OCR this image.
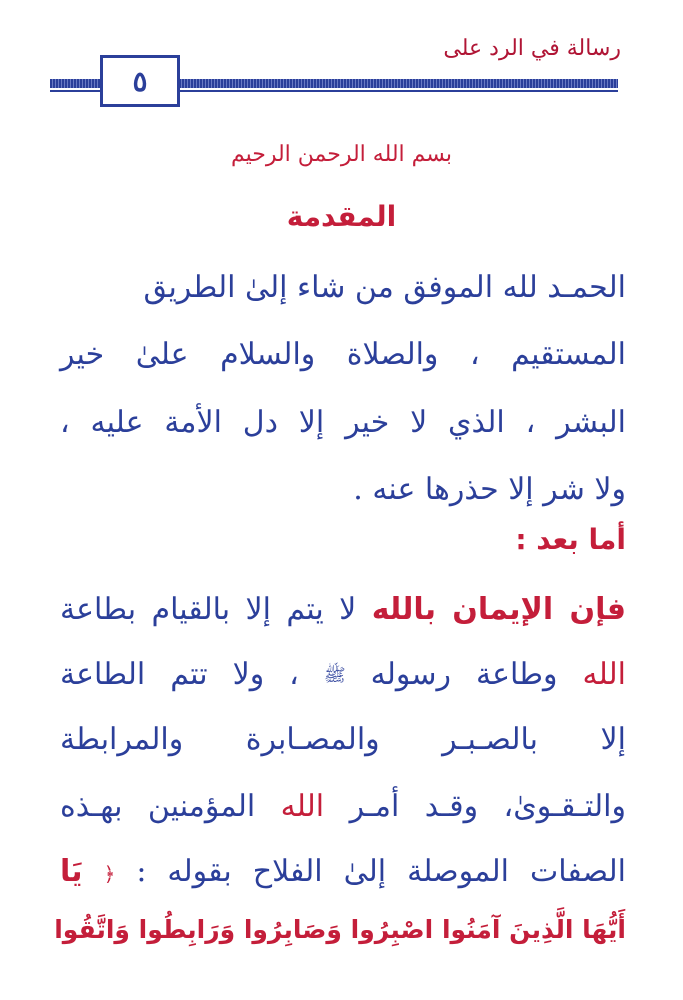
رسالة في الرد على
٥
بسم الله الرحمن الرحيم
المقدمة
الحمـد لله الموفق من شاء إلىٰ الطريق
المستقيم ، والصلاة والسلام علىٰ خير
البشر ، الذي لا خير إلا دل الأمة عليه ،
ولا شر إلا حذرها عنه .
أما بعد :
فإن الإيمان بالله لا يتم إلا بالقيام بطاعة
الله وطاعة رسوله ﷺ ، ولا تتم الطاعة
إلا بالصـبـر والمصـابرة والمرابطة
والتـقـوىٰ، وقـد أمـر الله المؤمنين بهـذه
الصفات الموصلة إلىٰ الفلاح بقوله : ﴿ يَا
أَيُّهَا الَّذِينَ آمَنُوا اصْبِرُوا وَصَابِرُوا وَرَابِطُوا وَاتَّقُوا
